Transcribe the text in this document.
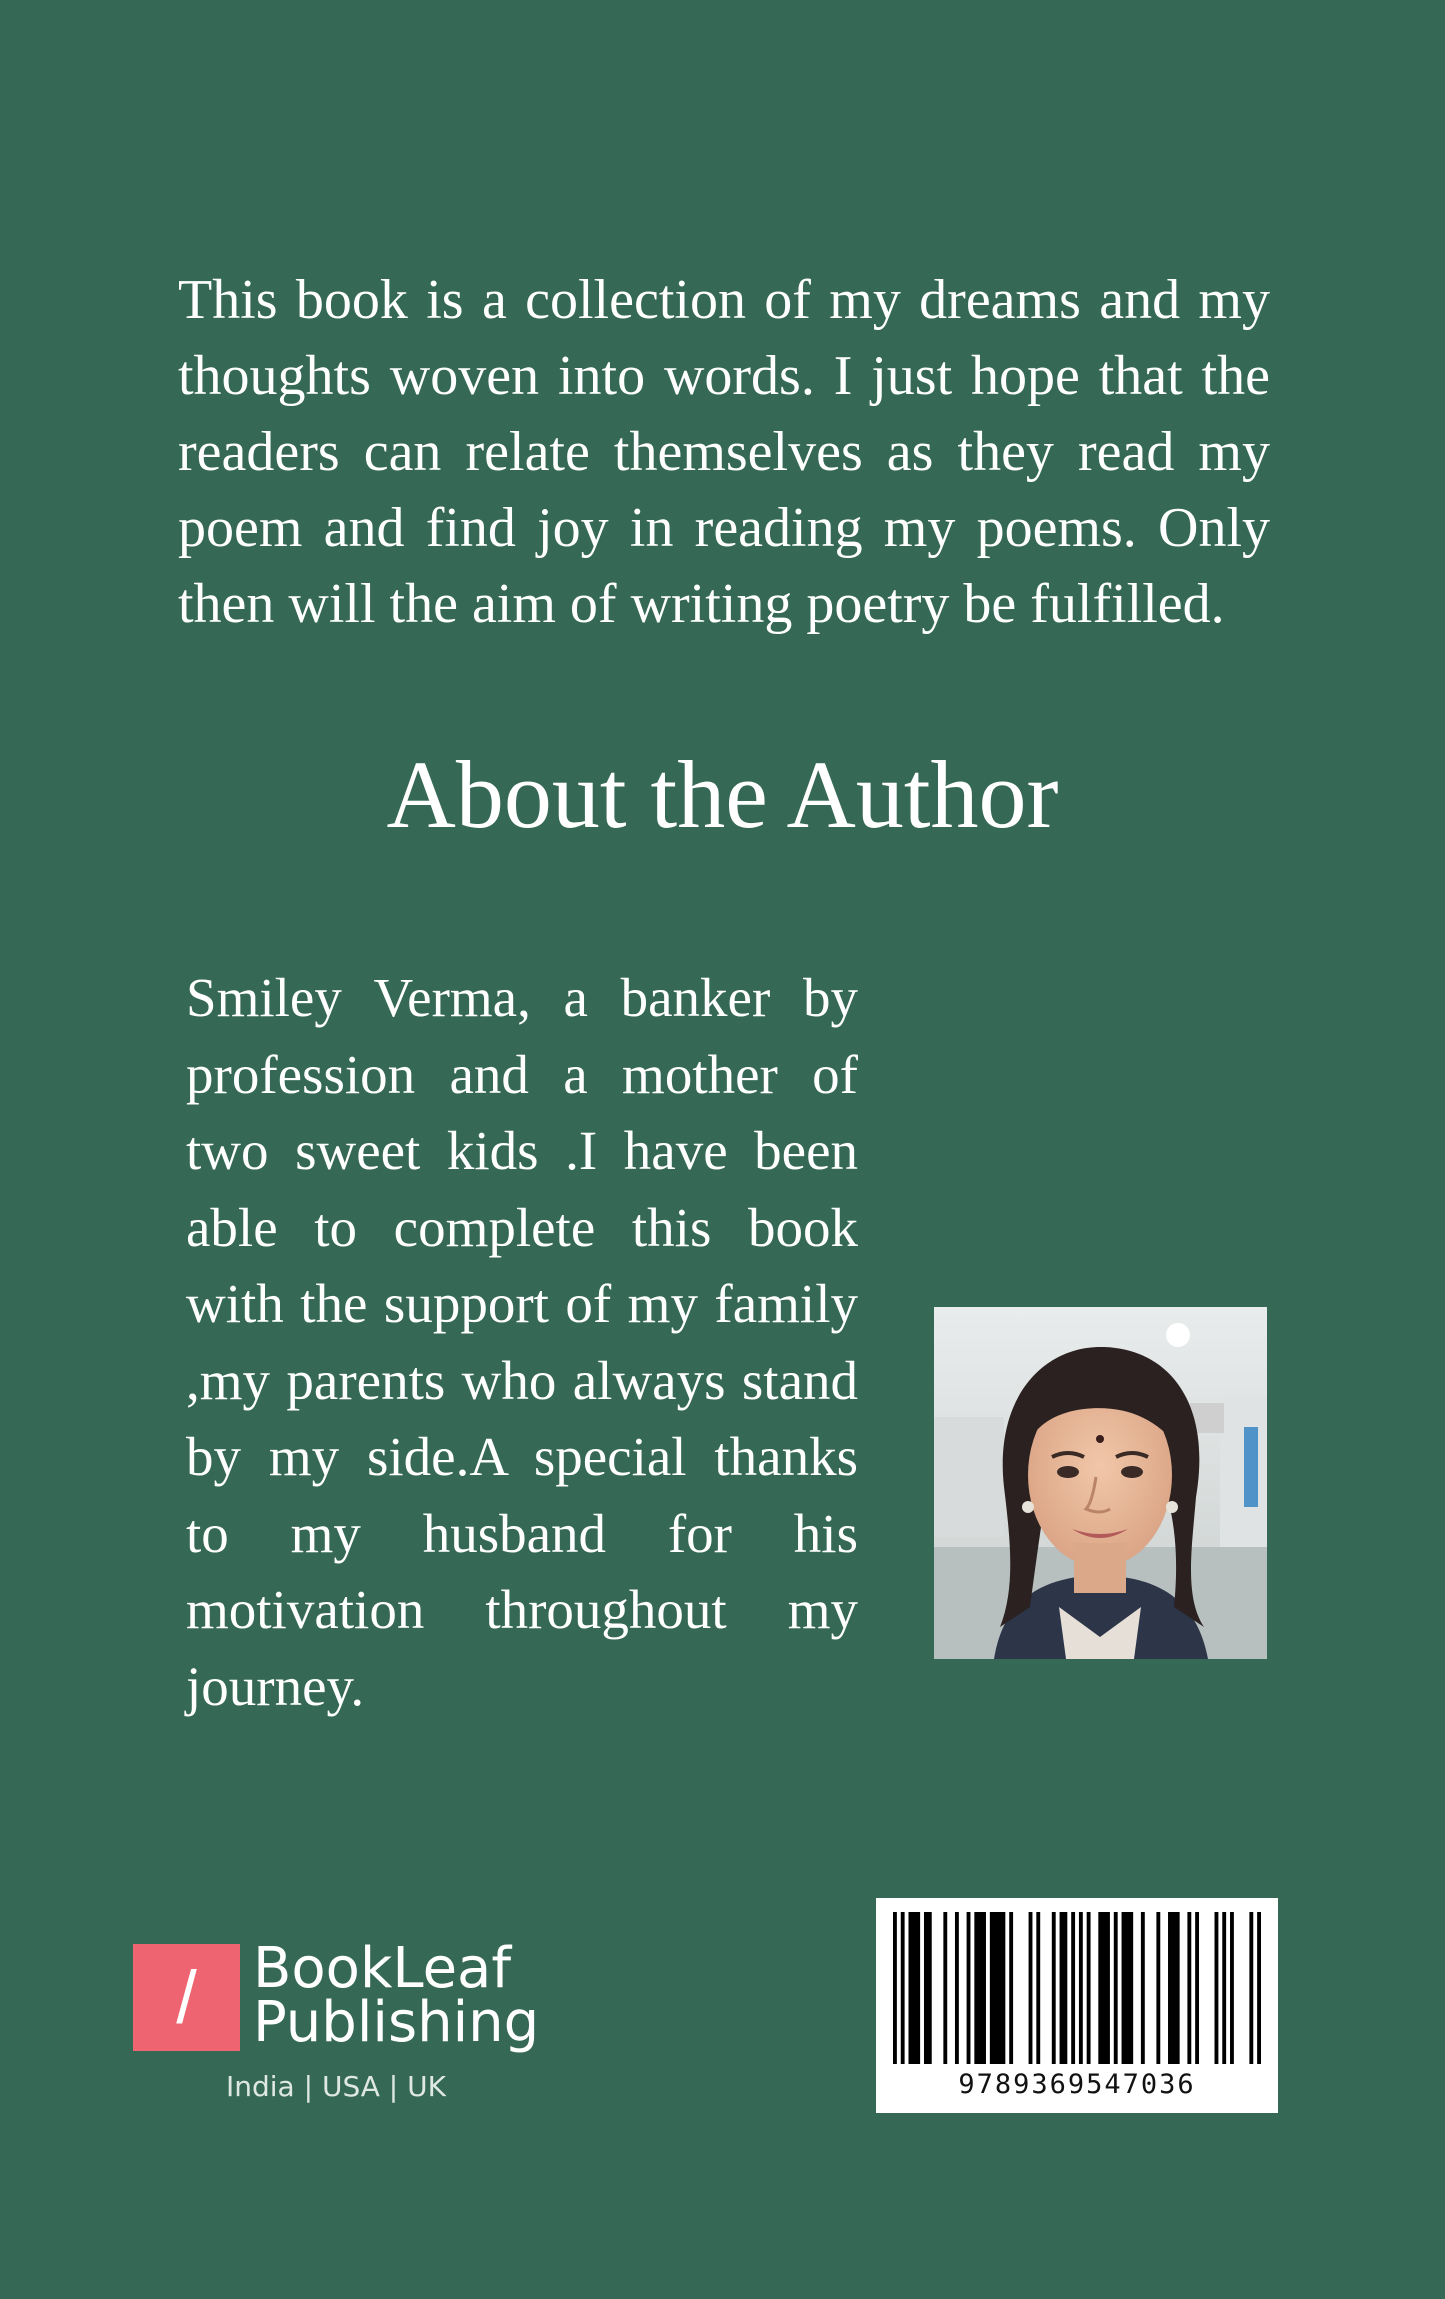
This book is a collection of my dreams and my thoughts woven into words. I just hope that the readers can relate themselves as they read my poem and find joy in reading my poems. Only then will the aim of writing poetry be fulfilled.

About the Author

Smiley Verma, a banker by profession and a mother of two sweet kids .I have been able to complete this book with the support of my family ,my parents who always stand by my side.A special thanks to my husband for his motivation throughout my journey.

/	BookLeaf
Publishing
India | USA | UK	9789369547036
